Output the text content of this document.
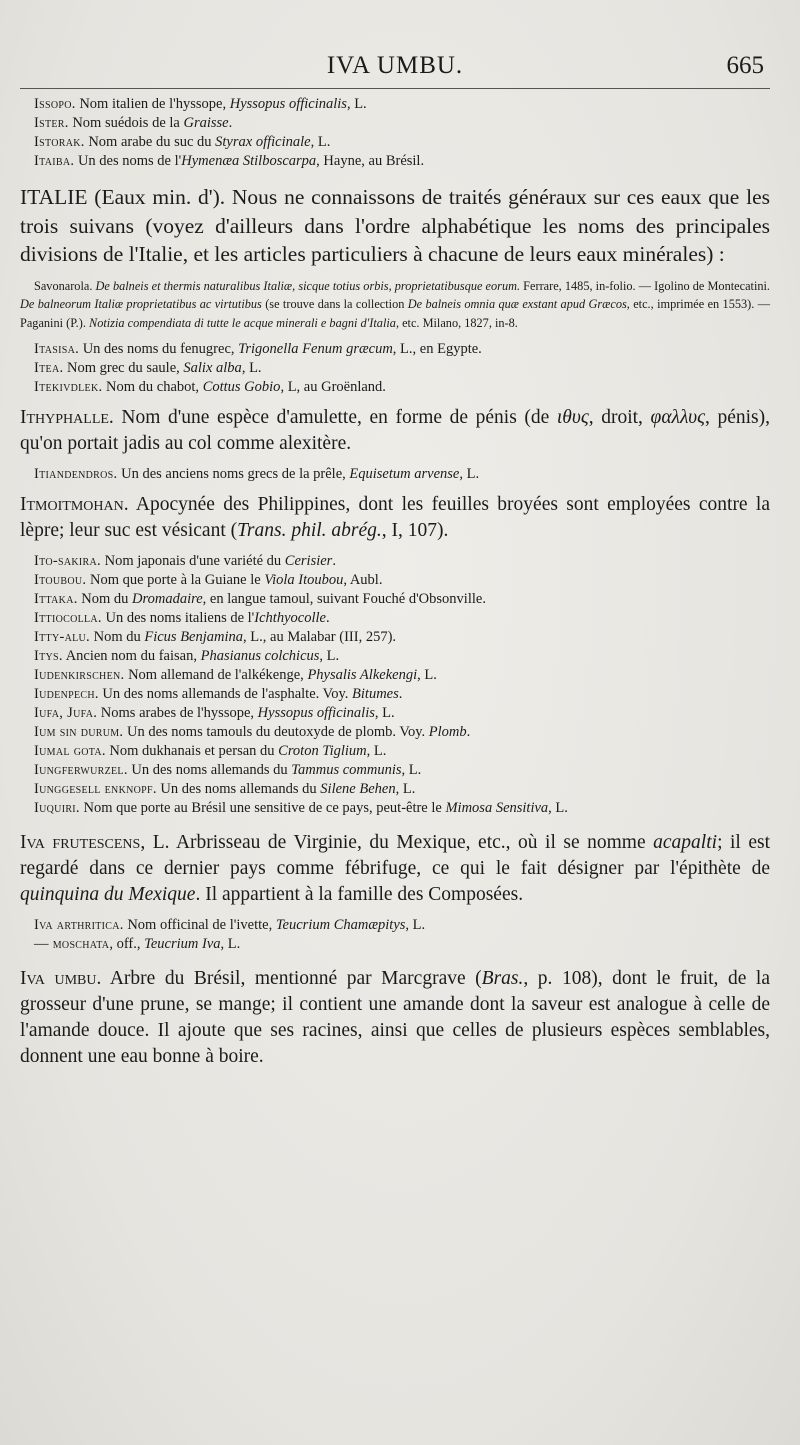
IVA UMBU.	665

Issopo. Nom italien de l'hyssope, Hyssopus officinalis, L.

Ister. Nom suédois de la Graisse.

Istorak. Nom arabe du suc du Styrax officinale, L.

Itaiba. Un des noms de l'Hymenæa Stilboscarpa, Hayne, au Brésil.

ITALIE (Eaux min. d'). Nous ne connaissons de traités généraux sur ces eaux que les trois suivans (voyez d'ailleurs dans l'ordre alphabétique les noms des principales divisions de l'Italie, et les articles particuliers à chacune de leurs eaux minérales) :

Savonarola. De balneis et thermis naturalibus Italiæ, sicque totius orbis, proprietatibusque eorum. Ferrare, 1485, in-folio. — Igolino de Montecatini. De balneorum Italiæ proprietatibus ac virtutibus (se trouve dans la collection De balneis omnia quæ exstant apud Græcos, etc., imprimée en 1553). — Paganini (P.). Notizia compendiata di tutte le acque minerali e bagni d'Italia, etc. Milano, 1827, in-8.

Itasisa. Un des noms du fenugrec, Trigonella Fenum græcum, L., en Egypte.

Itea. Nom grec du saule, Salix alba, L.

Itekivdlek. Nom du chabot, Cottus Gobio, L, au Groënland.

Ithyphalle. Nom d'une espèce d'amulette, en forme de pénis (de ιθυς, droit, φαλλυς, pénis), qu'on portait jadis au col comme alexitère.

Itiandendros. Un des anciens noms grecs de la prêle, Equisetum arvense, L.

Itmoitmohan. Apocynée des Philippines, dont les feuilles broyées sont employées contre la lèpre; leur suc est vésicant (Trans. phil. abrég., I, 107).

Ito-sakira. Nom japonais d'une variété du Cerisier.

Itoubou. Nom que porte à la Guiane le Viola Itoubou, Aubl.

Ittaka. Nom du Dromadaire, en langue tamoul, suivant Fouché d'Obsonville.

Ittiocolla. Un des noms italiens de l'Ichthyocolle.

Itty-alu. Nom du Ficus Benjamina, L., au Malabar (III, 257).

Itys. Ancien nom du faisan, Phasianus colchicus, L.

Iudenkirschen. Nom allemand de l'alkékenge, Physalis Alkekengi, L.

Iudenpech. Un des noms allemands de l'asphalte. Voy. Bitumes.

Iufa, Jufa. Noms arabes de l'hyssope, Hyssopus officinalis, L.

Ium sin durum. Un des noms tamouls du deutoxyde de plomb. Voy. Plomb.

Iumal gota. Nom dukhanais et persan du Croton Tiglium, L.

Iungferwurzel. Un des noms allemands du Tammus communis, L.

Iunggesell enknopf. Un des noms allemands du Silene Behen, L.

Iuquiri. Nom que porte au Brésil une sensitive de ce pays, peut-être le Mimosa Sensitiva, L.

Iva frutescens, L. Arbrisseau de Virginie, du Mexique, etc., où il se nomme acapalti; il est regardé dans ce dernier pays comme fébrifuge, ce qui le fait désigner par l'épithète de quinquina du Mexique. Il appartient à la famille des Composées.

Iva arthritica. Nom officinal de l'ivette, Teucrium Chamæpitys, L.

— moschata, off., Teucrium Iva, L.

Iva umbu. Arbre du Brésil, mentionné par Marcgrave (Bras., p. 108), dont le fruit, de la grosseur d'une prune, se mange; il contient une amande dont la saveur est analogue à celle de l'amande douce. Il ajoute que ses racines, ainsi que celles de plusieurs espèces semblables, donnent une eau bonne à boire.
